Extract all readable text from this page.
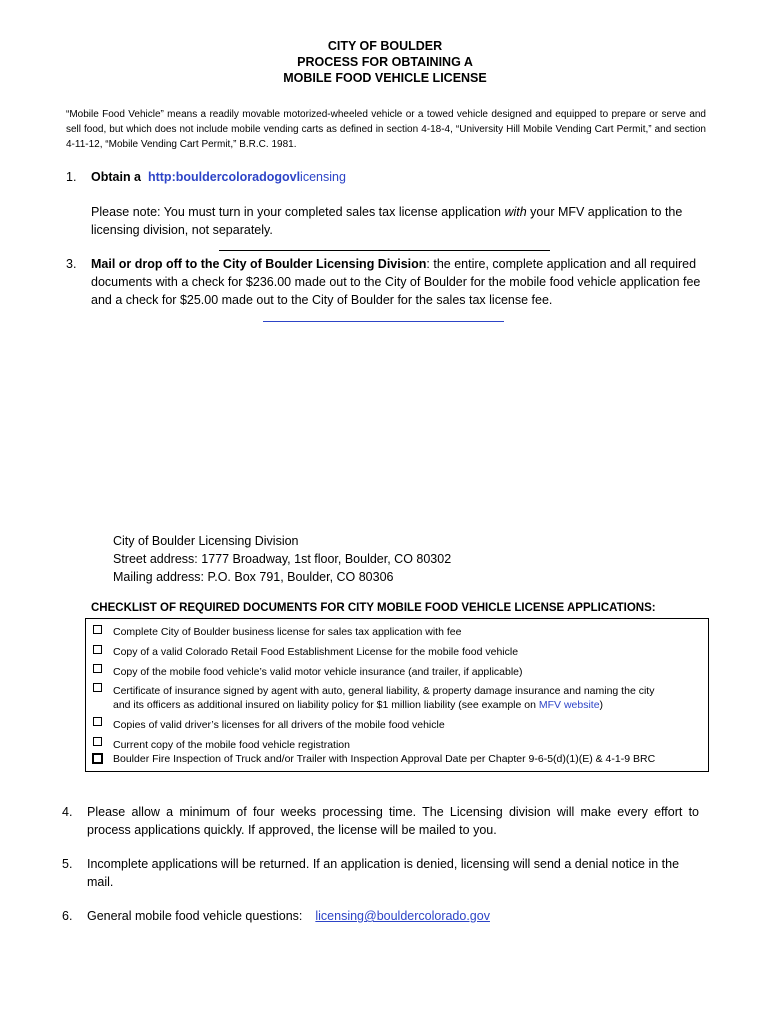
CITY OF BOULDER
PROCESS FOR OBTAINING A
MOBILE FOOD VEHICLE LICENSE
“Mobile Food Vehicle” means a readily movable motorized-wheeled vehicle or a towed vehicle designed and equipped to prepare or serve and sell food, but which does not include mobile vending carts as defined in section 4-18-4, “University Hill Mobile Vending Cart Permit,” and section 4-11-12, “Mobile Vending Cart Permit,” B.R.C. 1981.
1. Obtain a http:bouldercoloradogovlicensing
Please note: You must turn in your completed sales tax license application with your MFV application to the licensing division, not separately.
3. Mail or drop off to the City of Boulder Licensing Division: the entire, complete application and all required documents with a check for $236.00 made out to the City of Boulder for the mobile food vehicle application fee and a check for $25.00 made out to the City of Boulder for the sales tax license fee.
City of Boulder Licensing Division
Street address: 1777 Broadway, 1st floor, Boulder, CO 80302
Mailing address: P.O. Box 791, Boulder, CO 80306
CHECKLIST OF REQUIRED DOCUMENTS FOR CITY MOBILE FOOD VEHICLE LICENSE APPLICATIONS:
Complete City of Boulder business license for sales tax application with fee
Copy of a valid Colorado Retail Food Establishment License for the mobile food vehicle
Copy of the mobile food vehicle’s valid motor vehicle insurance (and trailer, if applicable)
Certificate of insurance signed by agent with auto, general liability, & property damage insurance and naming the city
and its officers as additional insured on liability policy for $1 million liability (see example on MFV website)
Copies of valid driver’s licenses for all drivers of the mobile food vehicle
Current copy of the mobile food vehicle registration
Boulder Fire Inspection of Truck and/or Trailer with Inspection Approval Date per Chapter 9-6-5(d)(1)(E) & 4-1-9 BRC
4. Please allow a minimum of four weeks processing time. The Licensing division will make every effort to process applications quickly. If approved, the license will be mailed to you.
5. Incomplete applications will be returned. If an application is denied, licensing will send a denial notice in the mail.
6. General mobile food vehicle questions: licensing@bouldercolorado.gov
